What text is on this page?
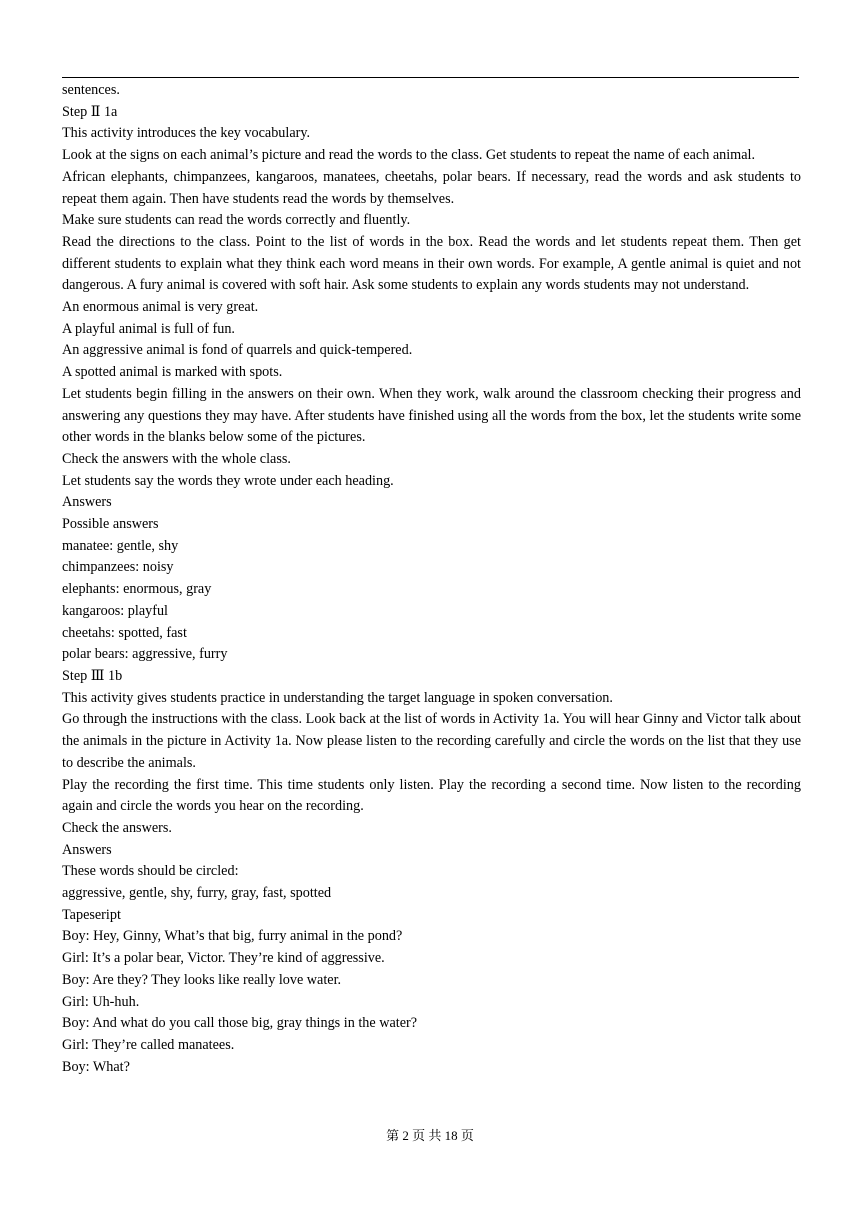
sentences.

Step Ⅱ 1a

This activity introduces the key vocabulary.

Look at the signs on each animal’s picture and read the words to the class. Get students to repeat the name of each animal.

African elephants, chimpanzees, kangaroos, manatees, cheetahs, polar bears. If necessary, read the words and ask students to repeat them again. Then have students read the words by themselves.

Make sure students can read the words correctly and fluently.

Read the directions to the class. Point to the list of words in the box. Read the words and let students repeat them. Then get different students to explain what they think each word means in their own words. For example, A gentle animal is quiet and not dangerous. A fury animal is covered with soft hair. Ask some students to explain any words students may not understand.

An enormous animal is very great.

A playful animal is full of fun.

An aggressive animal is fond of quarrels and quick-tempered.

A spotted animal is marked with spots.

Let students begin filling in the answers on their own. When they work, walk around the classroom checking their progress and answering any questions they may have. After students have finished using all the words from the box, let the students write some other words in the blanks below some of the pictures.

Check the answers with the whole class.

Let students say the words they wrote under each heading.

Answers

Possible answers

manatee: gentle, shy

chimpanzees: noisy

elephants: enormous, gray

kangaroos: playful

cheetahs: spotted, fast

polar bears: aggressive, furry

Step Ⅲ 1b

This activity gives students practice in understanding the target language in spoken conversation.

Go through the instructions with the class. Look back at the list of words in Activity 1a. You will hear Ginny and Victor talk about the animals in the picture in Activity 1a. Now please listen to the recording carefully and circle the words on the list that they use to describe the animals.

Play the recording the first time. This time students only listen. Play the recording a second time. Now listen to the recording again and circle the words you hear on the recording.

Check the answers.

Answers

These words should be circled:

aggressive, gentle, shy, furry, gray, fast, spotted

Tapeseript

Boy: Hey, Ginny, What’s that big, furry animal in the pond?

Girl: It’s a polar bear, Victor. They’re kind of aggressive.

Boy: Are they? They looks like really love water.

Girl: Uh-huh.

Boy: And what do you call those big, gray things in the water?

Girl: They’re called manatees.

Boy: What?

第 2 页 共 18 页
